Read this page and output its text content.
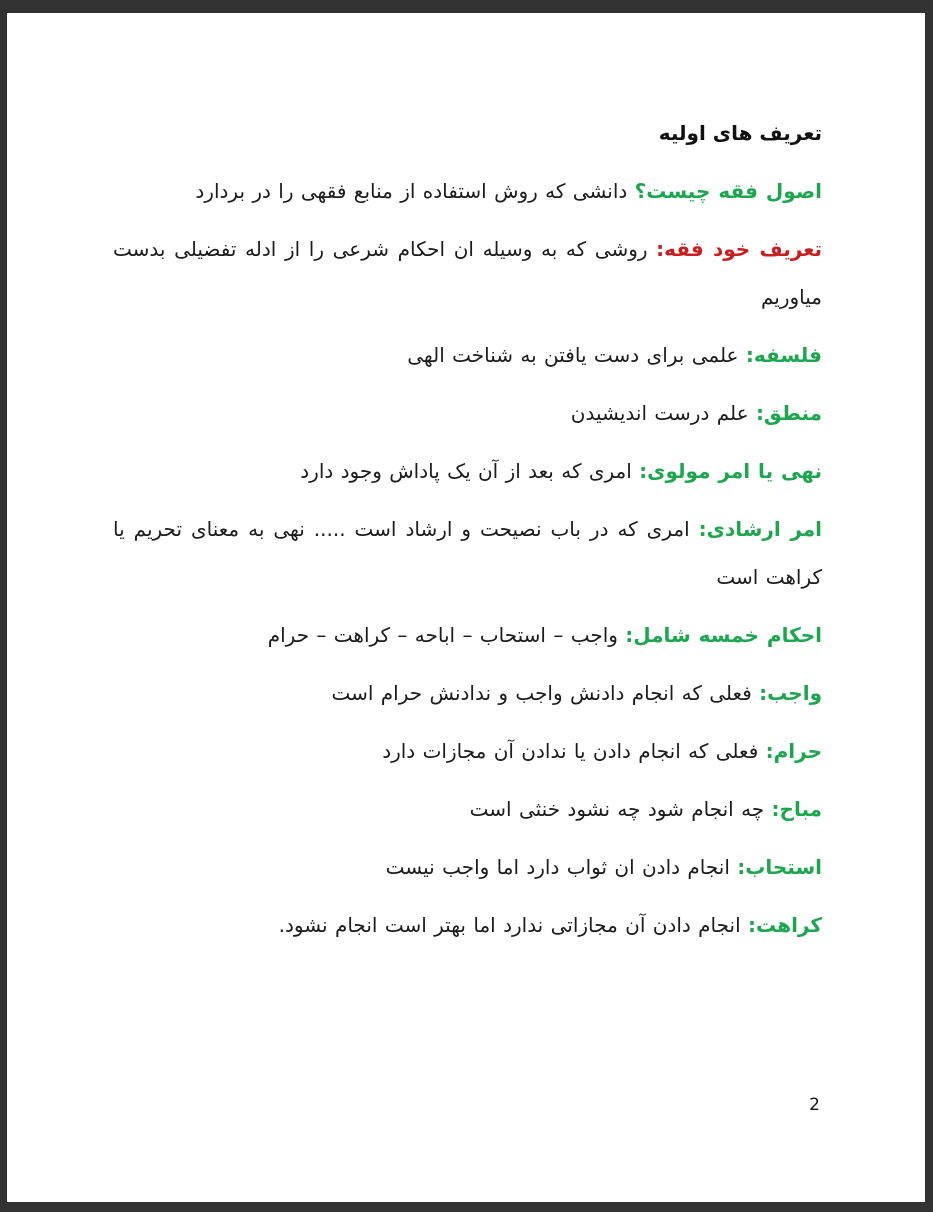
تعریف های اولیه

اصول فقه چیست؟ دانشی که روش استفاده از منابع فقهی را در بردارد

تعریف خود فقه: روشی که به وسیله ان احکام شرعی را از ادله تفضیلی بدست میاوریم

فلسفه: علمی برای دست یافتن به شناخت الهی

منطق: علم درست اندیشیدن

نهی یا امر مولوی: امری که بعد از آن یک پاداش وجود دارد

امر ارشادی: امری که در باب نصیحت و ارشاد است ..... نهی به معنای تحریم یا کراهت است

احکام خمسه شامل: واجب – استحاب – اباحه – کراهت – حرام

واجب: فعلی که انجام دادنش واجب و ندادنش حرام است

حرام: فعلی که انجام دادن یا ندادن آن مجازات دارد

مباح: چه انجام شود چه نشود خنثی است

استحاب: انجام دادن ان ثواب دارد اما واجب نیست

کراهت: انجام دادن آن مجازاتی ندارد اما بهتر است انجام نشود.

2
